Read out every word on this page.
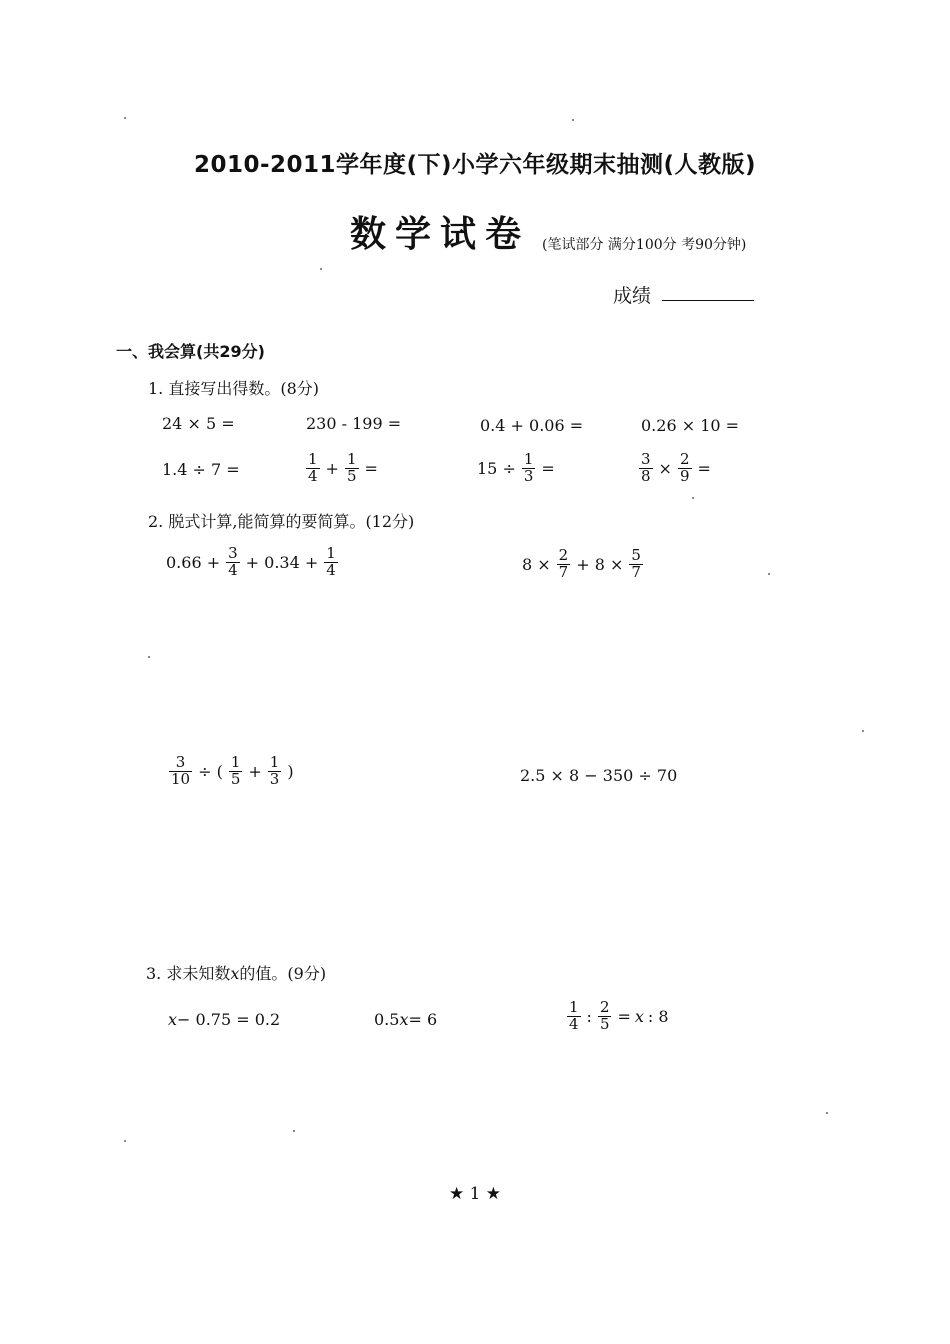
2010-2011学年度(下)小学六年级期末抽测(人教版)
数学试卷 (笔试部分 满分100分 考90分钟)
成绩
一、我会算(共29分)
1. 直接写出得数。(8分)
24 × 5 =	230 - 199 =	0.4 + 0.06 =	0.26 × 10 =
1.4 ÷ 7 =	$\frac{1}{4} + \frac{1}{5}$ =	$15 \div \frac{1}{3}$ =	$\frac{3}{8} \times \frac{2}{9}$ =
2. 脱式计算,能简算的要简算。(12分)
$0.66 + \frac{3}{4} + 0.34 + \frac{1}{4}$	$8 \times \frac{2}{7} + 8 \times \frac{5}{7}$
$\frac{3}{10}$ ÷ ( $\frac{1}{5} + \frac{1}{3}$ )	2.5 × 8 − 350 ÷ 70
3. 求未知数x的值。(9分)
x − 0.75 = 0.2	0.5 x = 6	$\frac{1}{4}$ : $\frac{2}{5} = x$ : 8
★ 1 ★
